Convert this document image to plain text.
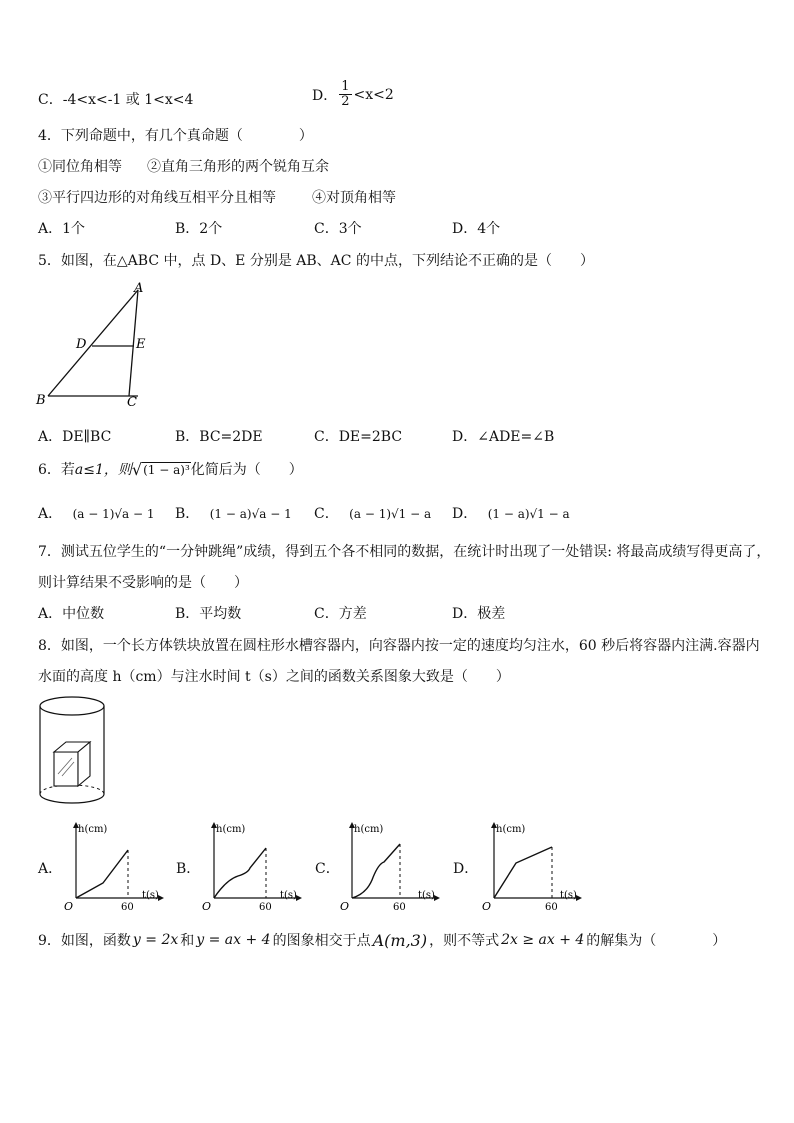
C．-4<x<-1 或 1<x<4	D． $\frac{1}{2} <x<2$
4．下列命题中，有几个真命题（　　　　）
①同位角相等 ②直角三角形的两个锐角互余
③平行四边形的对角线互相平分且相等	④对顶角相等
A．1个	B．2个	C．3个	D．4个
5．如图，在△ABC 中，点 D、E 分别是 AB、AC 的中点，下列结论不正确的是（　　）
A
B	C
D	E
A．DE∥BC	B．BC=2DE	C．DE=2BC	D．∠ADE=∠B
6．若 a≤1，则 √ (1 − a)³ 化简后为（　　）
A． (a − 1)√a − 1 B． (1 − a)√a − 1 C． (a − 1)√1 − a D． (1 − a)√1 − a
7．测试五位学生的“一分钟跳绳”成绩，得到五个各不相同的数据，在统计时出现了一处错误: 将最高成绩写得更高了，
则计算结果不受影响的是（　　）
A．中位数	B．平均数	C．方差	D．极差
8．如图，一个长方体铁块放置在圆柱形水槽容器内，向容器内按一定的速度均匀注水，60 秒后将容器内注满.容器内
水面的高度 h（cm）与注水时间 t（s）之间的函数关系图象大致是（　　）
A．	B．	C．	D．
h(cm)
t(s)
O	60
h(cm)
t(s)
O	60
h(cm)
t(s)
O	60
h(cm)
t(s)
O	60
9．如图，函数 y = 2x 和 y = ax + 4 的图象相交于点 A(m,3) ，则不等式 2x ≥ ax + 4 的解集为（　　　　）
